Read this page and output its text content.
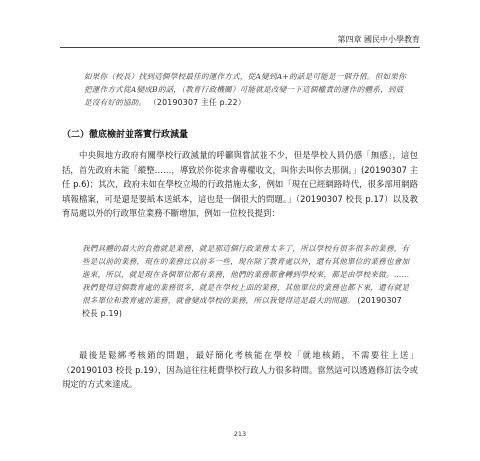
第四章 國民中小學教育
如果你（校長）找到這個學校最佳的運作方式，從A變到A+的話是可能是一個升值。但如果你把運作方式從A變成B的話，（教育行政機關）可能就是改變一下這個權責的運作的體系，到底是沒有好的協助。 （20190307 主任 p.22）
（二）徹底檢討並落實行政減量
中央與地方政府有關學校行政減量的呼籲與嘗試並不少，但是學校人員仍感「無感」，這包括，首先政府未能「縱整……，導致於你從求會專權收文，叫你去叫你去那個。」(20190307 主任 p.6)；其次，政府未如在學校立場的行政措施太多，例如「現在已經網路時代，很多部用網路填報檔案，可是還是要紙本送紙本，這也是一個很大的問題。」（20190307 校長 p.17）以及教育局處以外的行政單位業務不斷增加，例如一位校長提到：
我們具體的最大的負擔就是業務，就是那這個行政業務太多了，所以學校有很多很多的業務，有些是以前的業務，現在的業務比以前多一些，現在除了教育處以外，還有其他單位的業務也會加進來，所以，就是現在各個單位都有業務，他們的業務都會轉到學校來，都是由學校來做。……我們覺得這個教育處的業務很多，就是在學校上面的業務，其他單位的業務也都下來，還有就是很多單位和教育處的業務，就會變成學校的業務，所以我覺得這是最大的問題。 (20190307 校長 p.19)
最後是鬆綁考核銷的問題，最好簡化考核能在學校「就地核銷，不需要往上送」（20190103 校長 p.19），因為這往往耗費學校行政人力很多時間。當然這可以透過修訂法令或規定的方式來達成。
213
